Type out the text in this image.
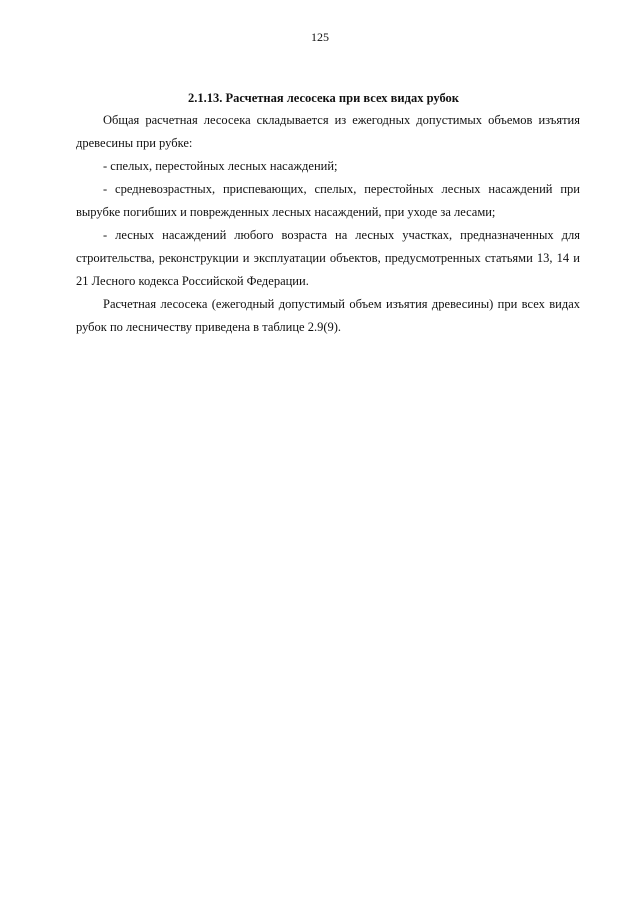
125
2.1.13. Расчетная лесосека при всех видах рубок

Общая расчетная лесосека складывается из ежегодных допустимых объемов изъятия древесины при рубке:

- спелых, перестойных лесных насаждений;

- средневозрастных, приспевающих, спелых, перестойных лесных насаждений при вырубке погибших и поврежденных лесных насаждений, при уходе за лесами;

- лесных насаждений любого возраста на лесных участках, предназначенных для строительства, реконструкции и эксплуатации объектов, предусмотренных статьями 13, 14 и 21 Лесного кодекса Российской Федерации.

Расчетная лесосека (ежегодный допустимый объем изъятия древесины) при всех видах рубок по лесничеству приведена в таблице 2.9(9).
